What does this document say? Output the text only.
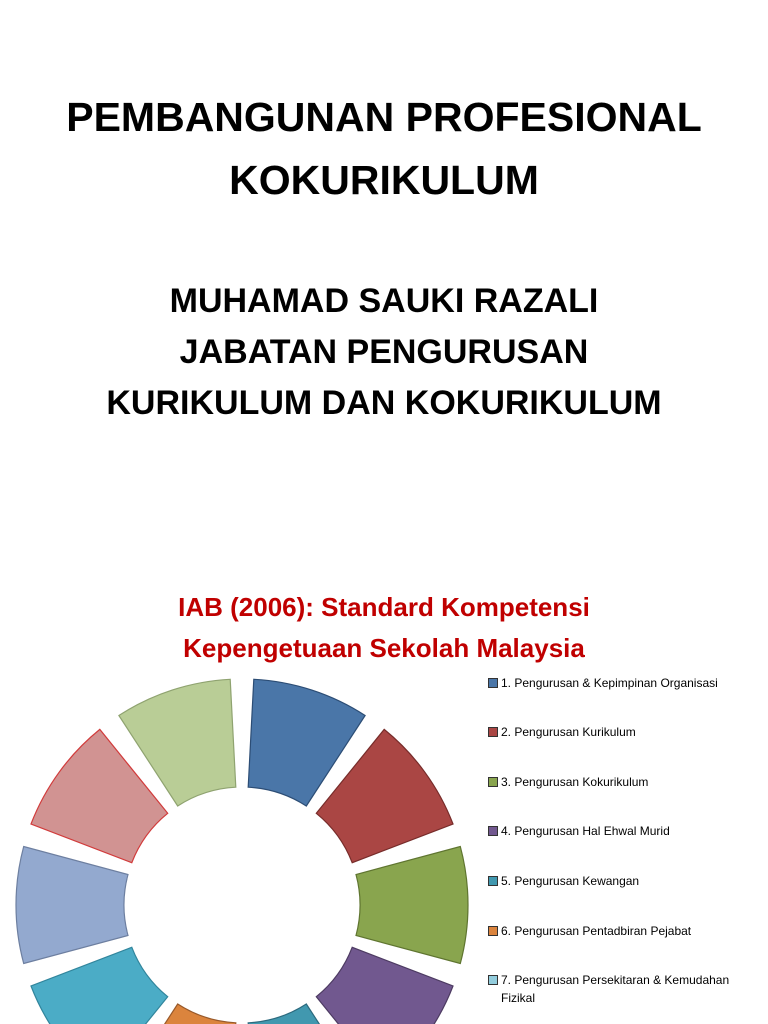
PEMBANGUNAN PROFESIONAL
KOKURIKULUM
MUHAMAD SAUKI RAZALI
JABATAN PENGURUSAN
KURIKULUM DAN KOKURIKULUM
IAB (2006): Standard Kompetensi
Kepengetuaan Sekolah Malaysia
1. Pengurusan & Kepimpinan Organisasi
2. Pengurusan Kurikulum
3. Pengurusan Kokurikulum
4. Pengurusan Hal Ehwal Murid
5. Pengurusan Kewangan
6. Pengurusan Pentadbiran Pejabat
7. Pengurusan Persekitaran & Kemudahan Fizikal
